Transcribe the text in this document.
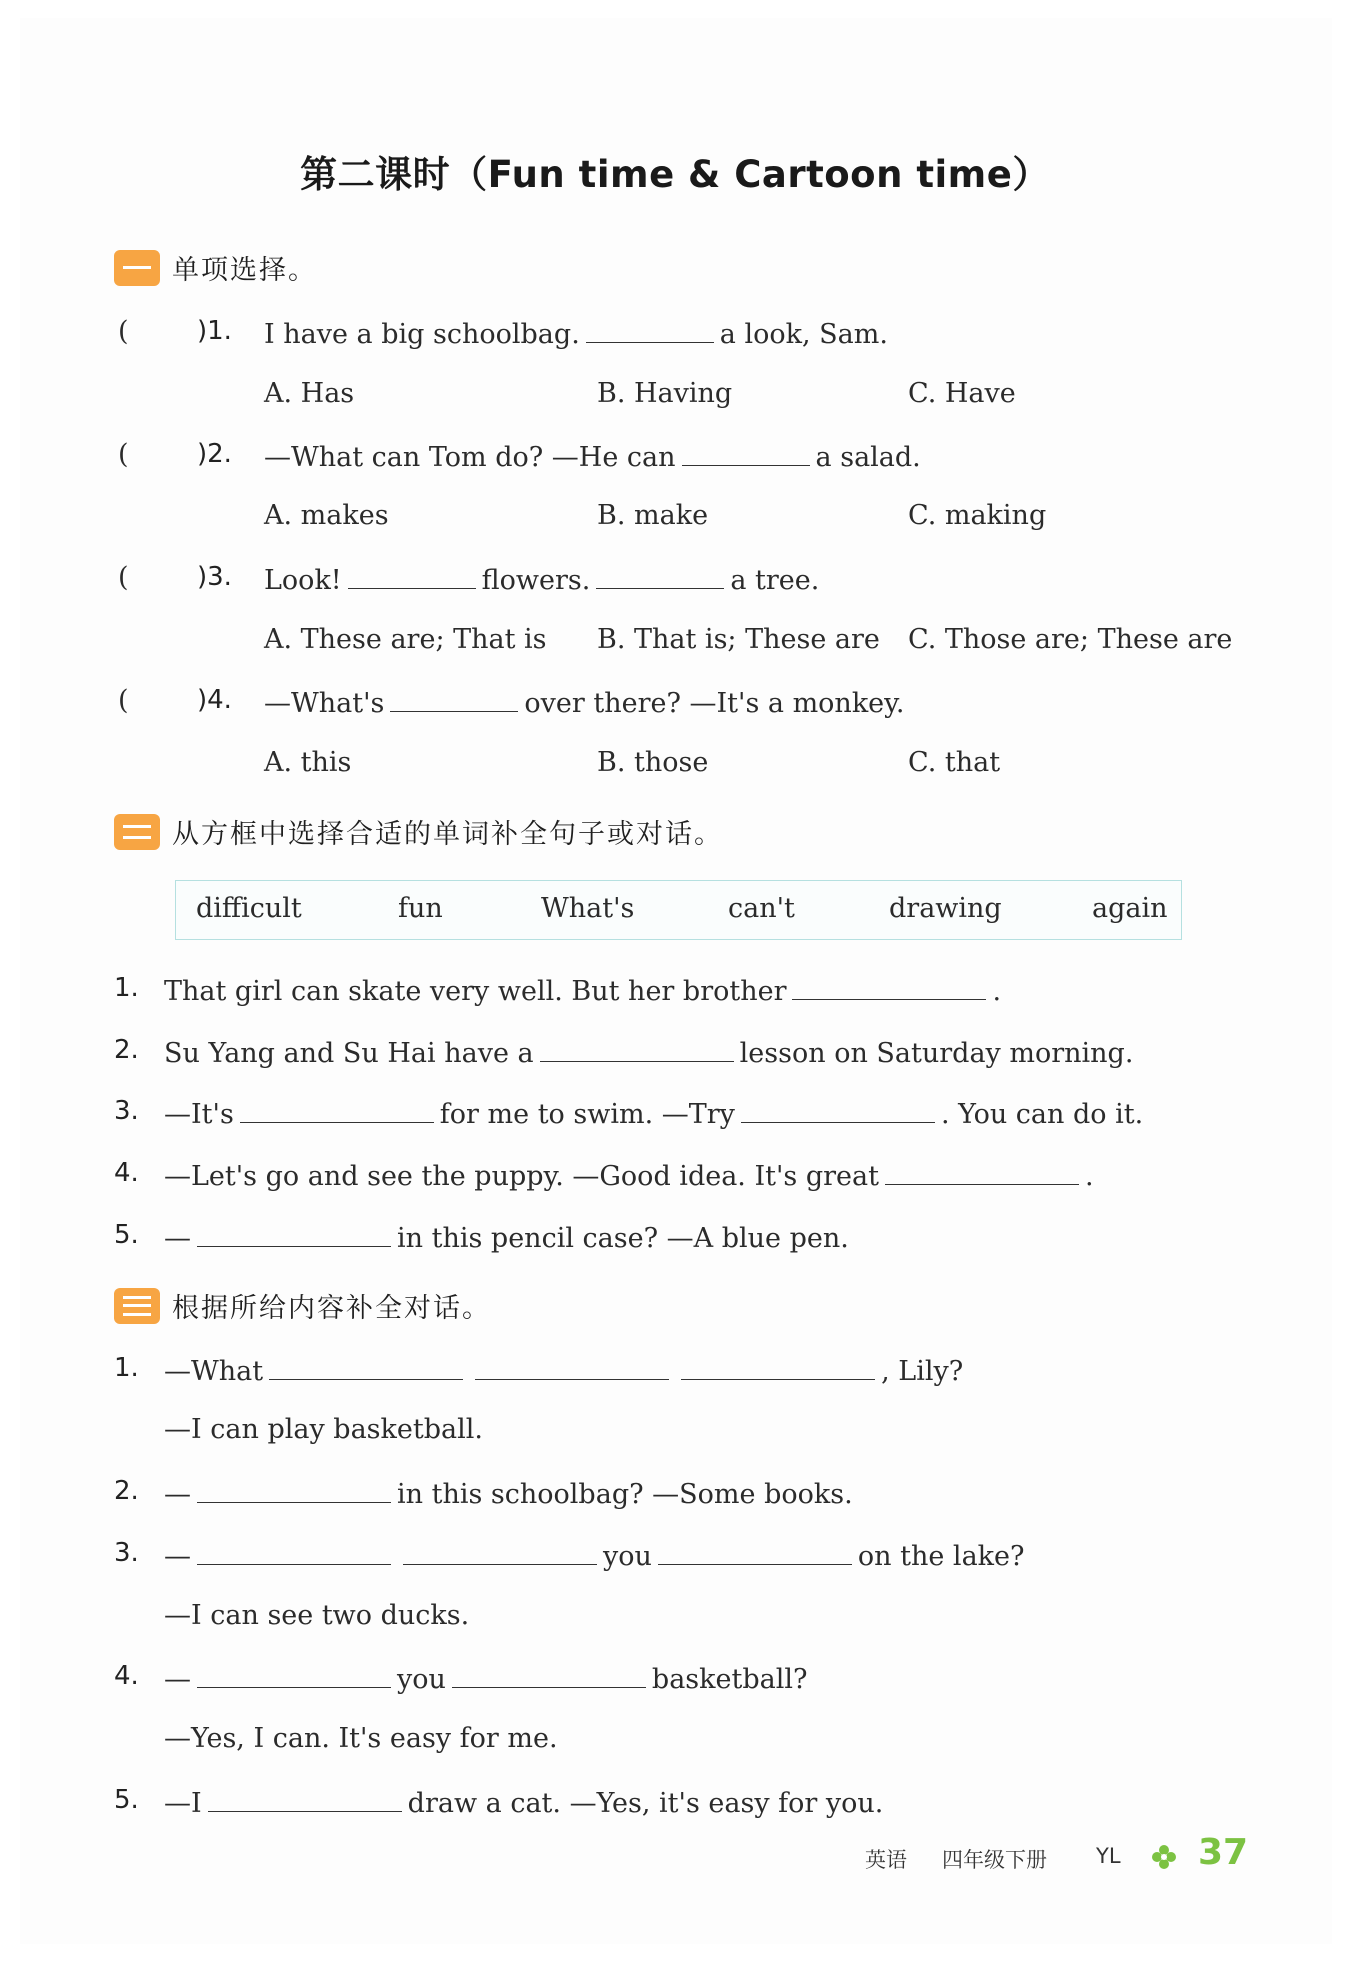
第二课时（Fun time & Cartoon time）
单项选择。
(	)1. I have a big schoolbag.	a look, Sam.
A. Has	B. Having	C. Have
(	)2. —What can Tom do? —He can	a salad.
A. makes	B. make	C. making
(	)3. Look!	flowers.	a tree.
A. These are; That is B. That is; These are C. Those are; These are
(	)4. —What's	over there? —It's a monkey.
A. this	B. those	C. that
从方框中选择合适的单词补全句子或对话。
difficult	fun	What's	can't	drawing	again
1. That girl can skate very well. But her brother	.
2. Su Yang and Su Hai have a	lesson on Saturday morning.
3. —It's	for me to swim. —Try	. You can do it.
4. —Let's go and see the puppy. —Good idea. It's great	.
5. —	in this pencil case? —A blue pen.
根据所给内容补全对话。
1. —What	, Lily?
—I can play basketball.
2. —	in this schoolbag? —Some books.
3. —	you	on the lake?
—I can see two ducks.
4. —	you	basketball?
—Yes, I can. It's easy for me.
5. —I	draw a cat. —Yes, it's easy for you.
英语 四年级下册 YL 37
